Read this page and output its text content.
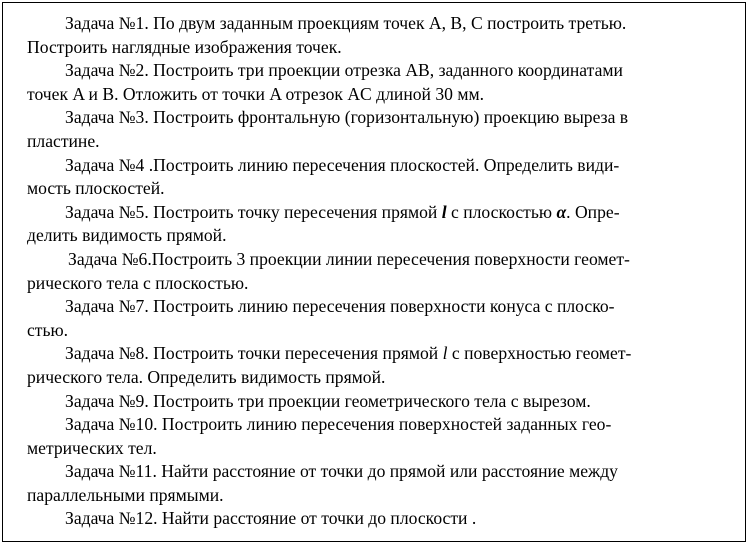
Задача №1. По двум заданным проекциям точек A, B, C построить третью.
Построить наглядные изображения точек.

Задача №2. Построить три проекции отрезка AB, заданного координатами
точек A и B. Отложить от точки A отрезок AC длиной 30 мм.

Задача №3. Построить фронтальную (горизонтальную) проекцию выреза в
пластине.

Задача №4 .Построить линию пересечения плоскостей. Определить види-
мость плоскостей.

Задача №5. Построить точку пересечения прямой l с плоскостью α. Опре-
делить видимость прямой.

Задача №6.Построить 3 проекции линии пересечения поверхности геомет-
рического тела с плоскостью.

Задача №7. Построить линию пересечения поверхности конуса с плоско-
стью.

Задача №8. Построить точки пересечения прямой l с поверхностью геомет-
рического тела. Определить видимость прямой.

Задача №9. Построить три проекции геометрического тела с вырезом.

Задача №10. Построить линию пересечения поверхностей заданных гео-
метрических тел.

Задача №11. Найти расстояние от точки до прямой или расстояние между
параллельными прямыми.

Задача №12. Найти расстояние от точки до плоскости .
